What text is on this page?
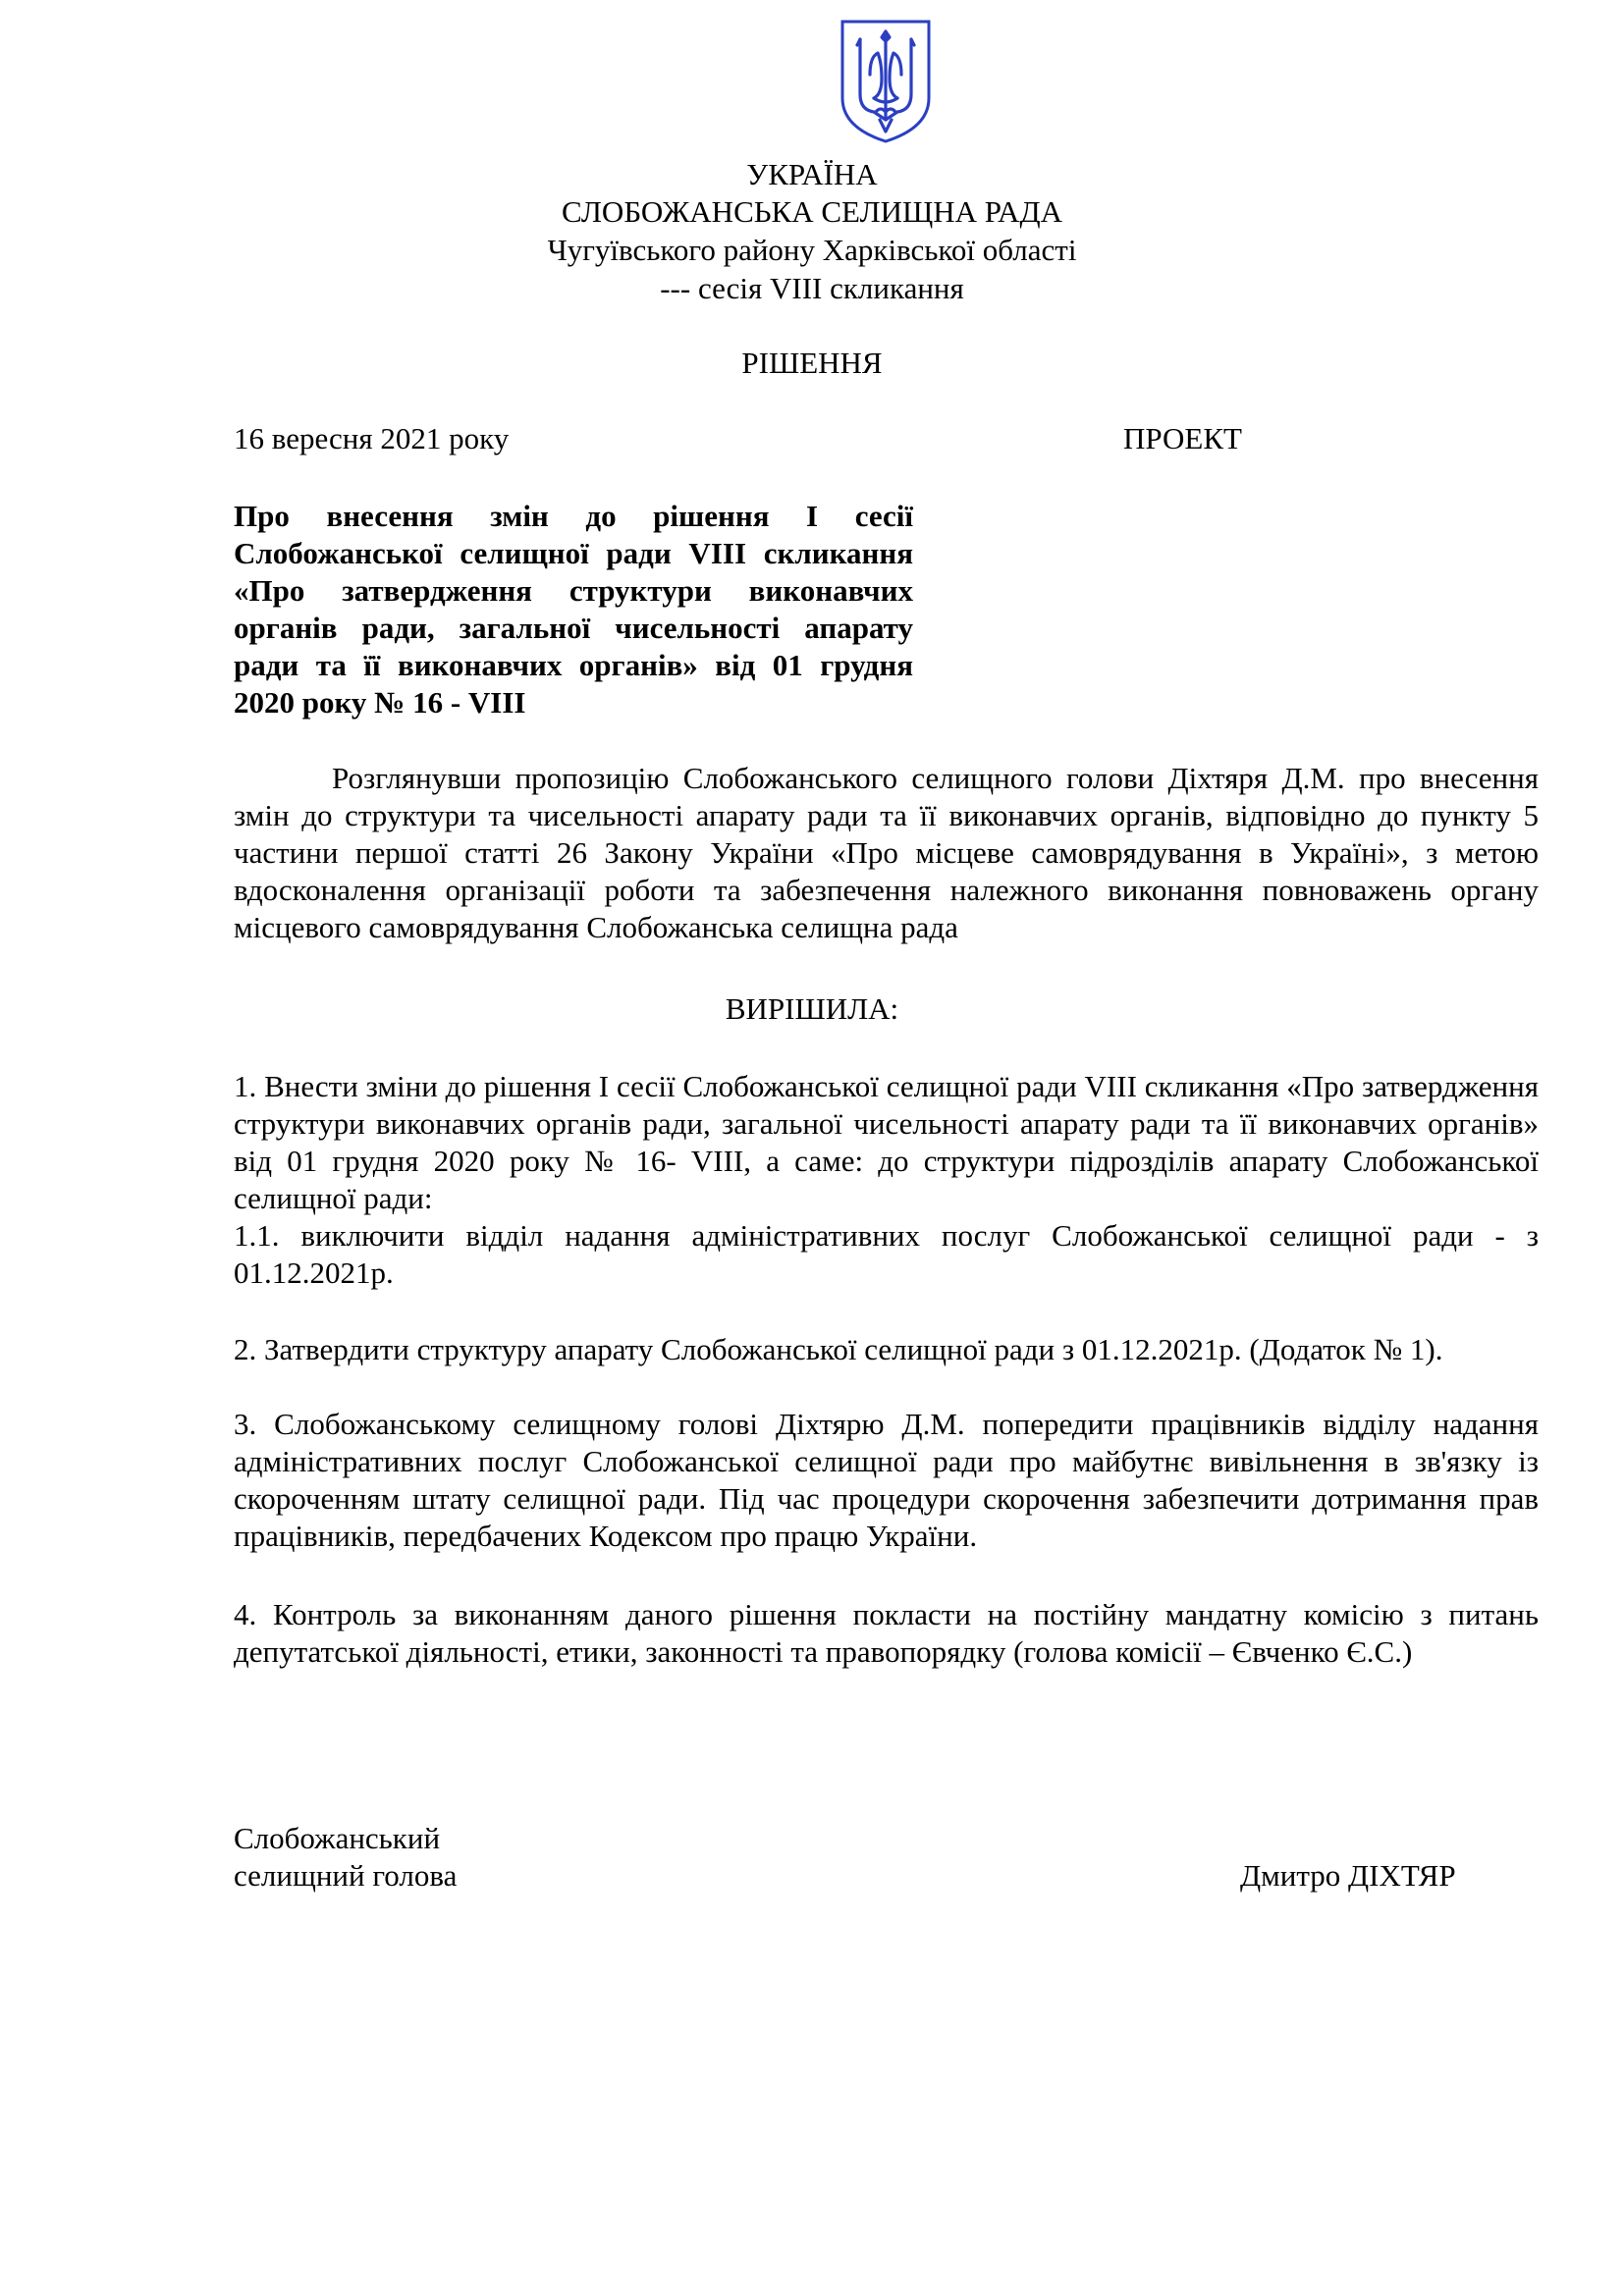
УКРАЇНА
СЛОБОЖАНСЬКА СЕЛИЩНА РАДА
Чугуївського району Харківської області
--- сесія VIII скликання
РІШЕННЯ
16 вересня 2021 року	ПРОЕКТ
Про внесення змін до рішення І сесії Слобожанської селищної ради VIII скликання «Про затвердження структури виконавчих органів ради, загальної чисельності апарату ради та її виконавчих органів» від 01 грудня 2020 року № 16 - VIII
Розглянувши пропозицію Слобожанського селищного голови Діхтяря Д.М. про внесення змін до структури та чисельності апарату ради та її виконавчих органів, відповідно до пункту 5 частини першої статті 26 Закону України «Про місцеве самоврядування в Україні», з метою вдосконалення організації роботи та забезпечення належного виконання повноважень органу місцевого самоврядування Слобожанська селищна рада
ВИРІШИЛА:

1. Внести зміни до рішення І сесії Слобожанської селищної ради VIII скликання «Про затвердження структури виконавчих органів ради, загальної чисельності апарату ради та її виконавчих органів» від 01 грудня 2020 року № 16- VIII, а саме: до структури підрозділів апарату Слобожанської селищної ради:

1.1. виключити відділ надання адміністративних послуг Слобожанської селищної ради - з 01.12.2021р.

2. Затвердити структуру апарату Слобожанської селищної ради з 01.12.2021р. (Додаток № 1).
3. Слобожанському селищному голові Діхтярю Д.М. попередити працівників відділу надання адміністративних послуг Слобожанської селищної ради про майбутнє вивільнення в зв'язку із скороченням штату селищної ради. Під час процедури скорочення забезпечити дотримання прав працівників, передбачених Кодексом про працю України.
4. Контроль за виконанням даного рішення покласти на постійну мандатну комісію з питань депутатської діяльності, етики, законності та правопорядку (голова комісії – Євченко Є.С.)
Слобожанський
селищний голова	Дмитро ДІХТЯР
